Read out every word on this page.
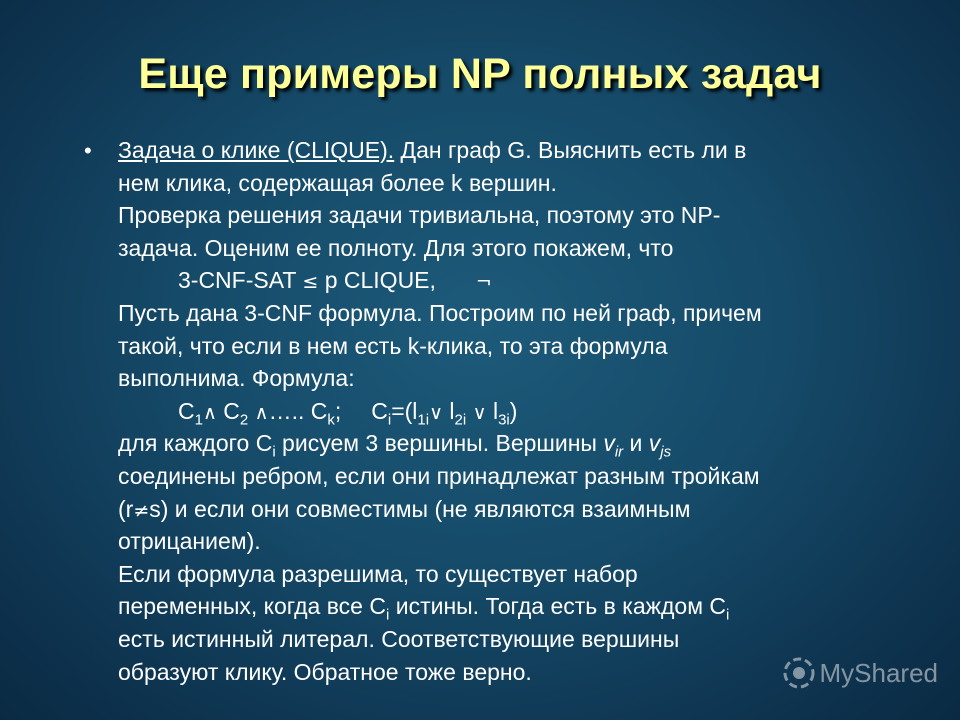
Еще примеры NP полных задач
• Задача о клике (CLIQUE). Дан граф G. Выяснить есть ли в
нем клика, содержащая более k вершин.
Проверка решения задачи тривиальна, поэтому это NP-
задача. Оценим ее полноту. Для этого покажем, что
3-CNF-SAT ≤ p CLIQUE, ¬
Пусть дана 3-CNF формула. Построим по ней граф, причем
такой, что если в нем есть k-клика, то эта формула
выполнима. Формула:
$C_1\wedge$ $C_2$ ∧….. $C_k$; $C_i=(l_{1i}\vee$ $l_{2i}$ ∨ $l_{3i}$)
для каждого $C_i$ рисуем 3 вершины. Вершины $v_{ir}$ и $v_{js}$
соединены ребром, если они принадлежат разным тройкам
(r≠s) и если они совместимы (не являются взаимным
отрицанием).
Если формула разрешима, то существует набор
переменных, когда все $C_i$ истины. Тогда есть в каждом $C_i$
есть истинный литерал. Соответствующие вершины
образуют клику. Обратное тоже верно.	MyShared
